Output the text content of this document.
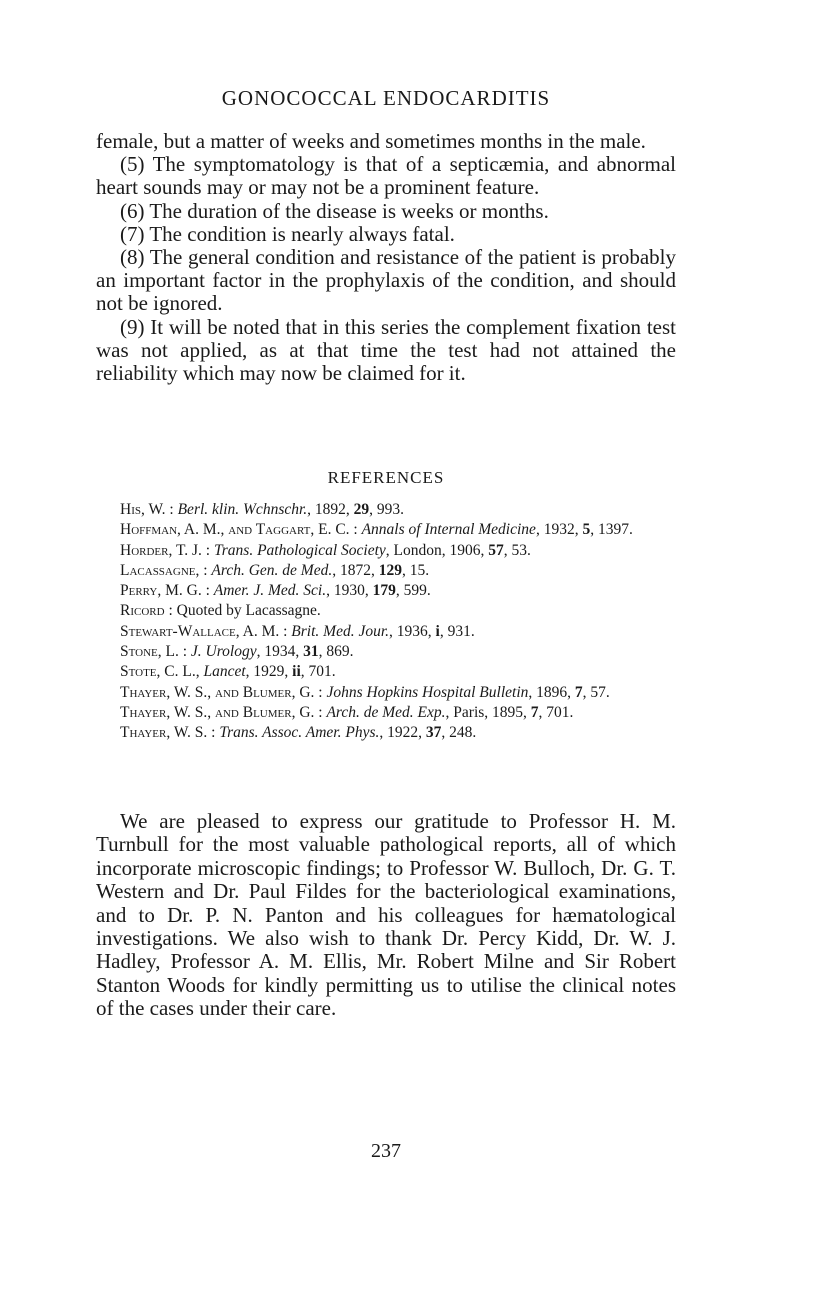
GONOCOCCAL ENDOCARDITIS

female, but a matter of weeks and sometimes months in the male.

(5) The symptomatology is that of a septicæmia, and abnormal heart sounds may or may not be a prominent feature.

(6) The duration of the disease is weeks or months.

(7) The condition is nearly always fatal.

(8) The general condition and resistance of the patient is probably an important factor in the prophylaxis of the condition, and should not be ignored.

(9) It will be noted that in this series the complement fixation test was not applied, as at that time the test had not attained the reliability which may now be claimed for it.

REFERENCES

His, W. : Berl. klin. Wchnschr., 1892, 29, 993.

Hoffman, A. M., and Taggart, E. C. : Annals of Internal Medicine, 1932, 5, 1397.

Horder, T. J. : Trans. Pathological Society, London, 1906, 57, 53.

Lacassagne, : Arch. Gen. de Med., 1872, 129, 15.

Perry, M. G. : Amer. J. Med. Sci., 1930, 179, 599.

Ricord : Quoted by Lacassagne.

Stewart-Wallace, A. M. : Brit. Med. Jour., 1936, i, 931.

Stone, L. : J. Urology, 1934, 31, 869.

Stote, C. L., Lancet, 1929, ii, 701.

Thayer, W. S., and Blumer, G. : Johns Hopkins Hospital Bulletin, 1896, 7, 57.

Thayer, W. S., and Blumer, G. : Arch. de Med. Exp., Paris, 1895, 7, 701.

Thayer, W. S. : Trans. Assoc. Amer. Phys., 1922, 37, 248.

We are pleased to express our gratitude to Professor H. M. Turnbull for the most valuable pathological reports, all of which incorporate microscopic findings; to Professor W. Bulloch, Dr. G. T. Western and Dr. Paul Fildes for the bacteriological examinations, and to Dr. P. N. Panton and his colleagues for hæmatological investigations. We also wish to thank Dr. Percy Kidd, Dr. W. J. Hadley, Professor A. M. Ellis, Mr. Robert Milne and Sir Robert Stanton Woods for kindly permitting us to utilise the clinical notes of the cases under their care.

237
